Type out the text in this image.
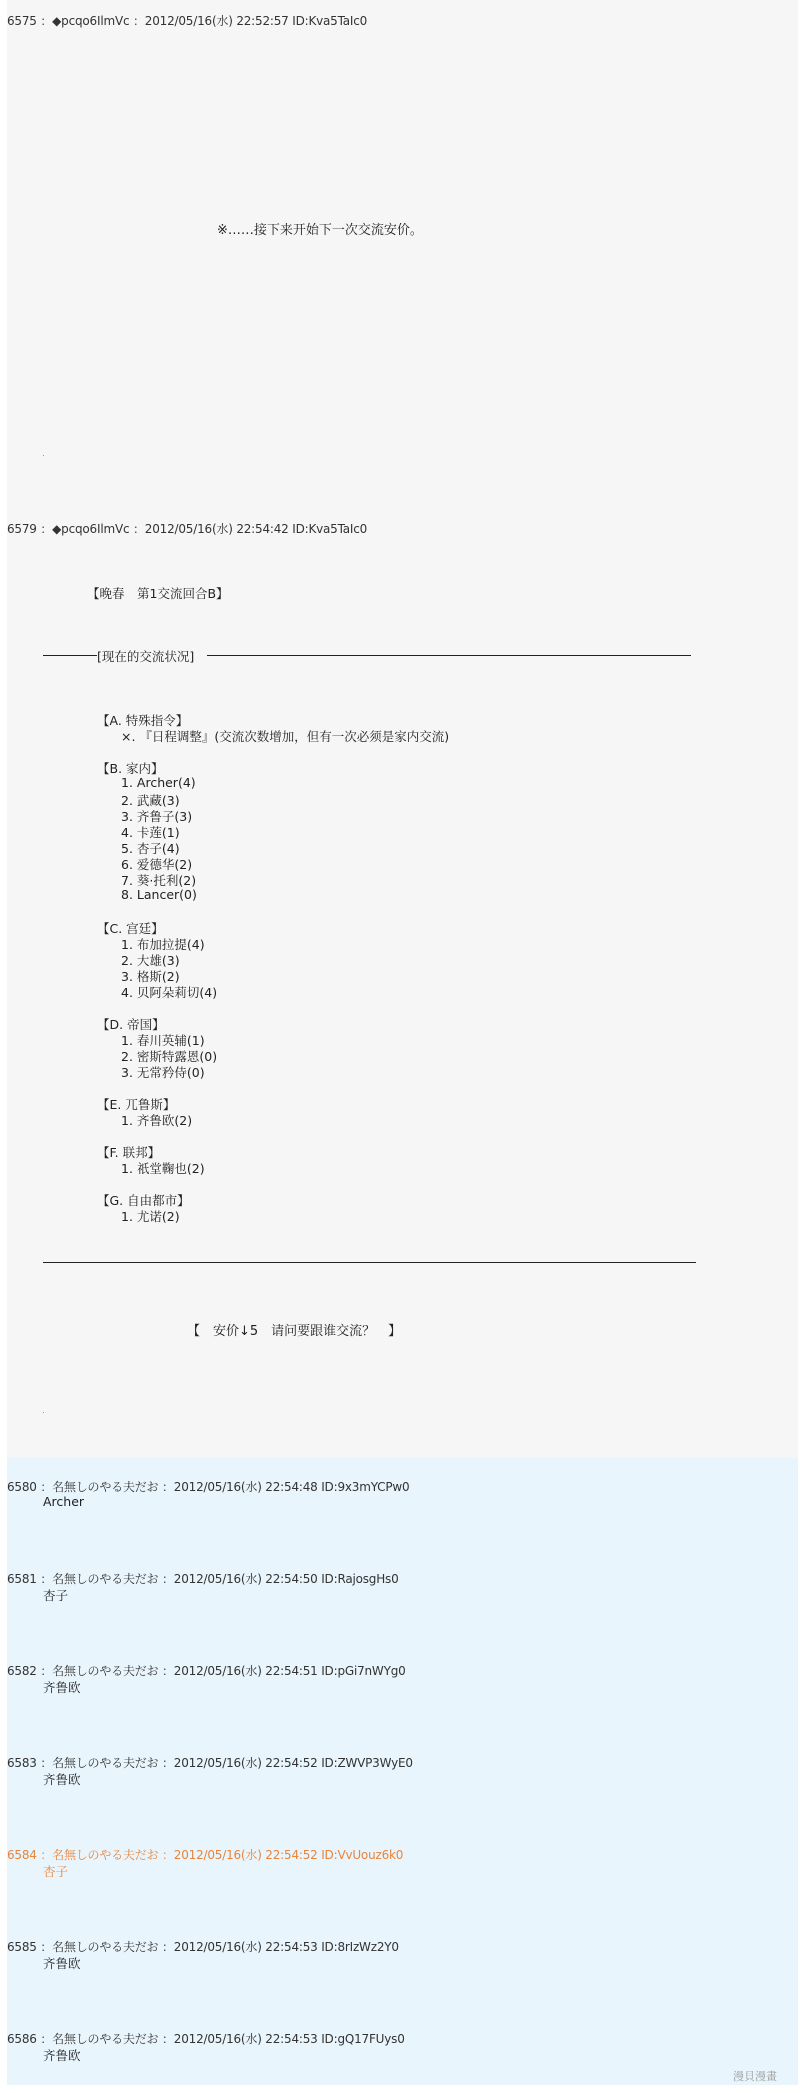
6575 ：◆pcqo6IlmVc ：2012/05/16(水) 22:52:57 ID:Kva5TaIc0
※……接下来开始下一次交流安价。
6579 ：◆pcqo6IlmVc ：2012/05/16(水) 22:54:42 ID:Kva5TaIc0
【晚春　第1交流回合B】
[现在的交流状况]
【A. 特殊指令】
×. 『日程调整』(交流次数增加，但有一次必须是家内交流)
【B. 家内】
1. Archer(4)
2. 武藏(3)
3. 齐鲁子(3)
4. 卡莲(1)
5. 杏子(4)
6. 爱德华(2)
7. 葵·托利(2)
8. Lancer(0)
【C. 宫廷】
1. 布加拉提(4)
2. 大雄(3)
3. 格斯(2)
4. 贝阿朵莉切(4)
【D. 帝国】
1. 春川英辅(1)
2. 密斯特露恩(0)
3. 无常矜侍(0)
【E. 兀鲁斯】
1. 齐鲁欧(2)
【F. 联邦】
1. 祇堂鞠也(2)
【G. 自由都市】
1. 尤诺(2)
【　安价↓5　请问要跟谁交流？　】
6580 ：名無しのやる夫だお ：2012/05/16(水) 22:54:48 ID:9x3mYCPw0
Archer
6581 ：名無しのやる夫だお ：2012/05/16(水) 22:54:50 ID:RajosgHs0
杏子
6582 ：名無しのやる夫だお ：2012/05/16(水) 22:54:51 ID:pGi7nWYg0
齐鲁欧
6583 ：名無しのやる夫だお ：2012/05/16(水) 22:54:52 ID:ZWVP3WyE0
齐鲁欧
6584 ：名無しのやる夫だお ：2012/05/16(水) 22:54:52 ID:VvUouz6k0
杏子
6585 ：名無しのやる夫だお ：2012/05/16(水) 22:54:53 ID:8rIzWz2Y0
齐鲁欧
6586 ：名無しのやる夫だお ：2012/05/16(水) 22:54:53 ID:gQ17FUys0
齐鲁欧
漫貝漫畫
